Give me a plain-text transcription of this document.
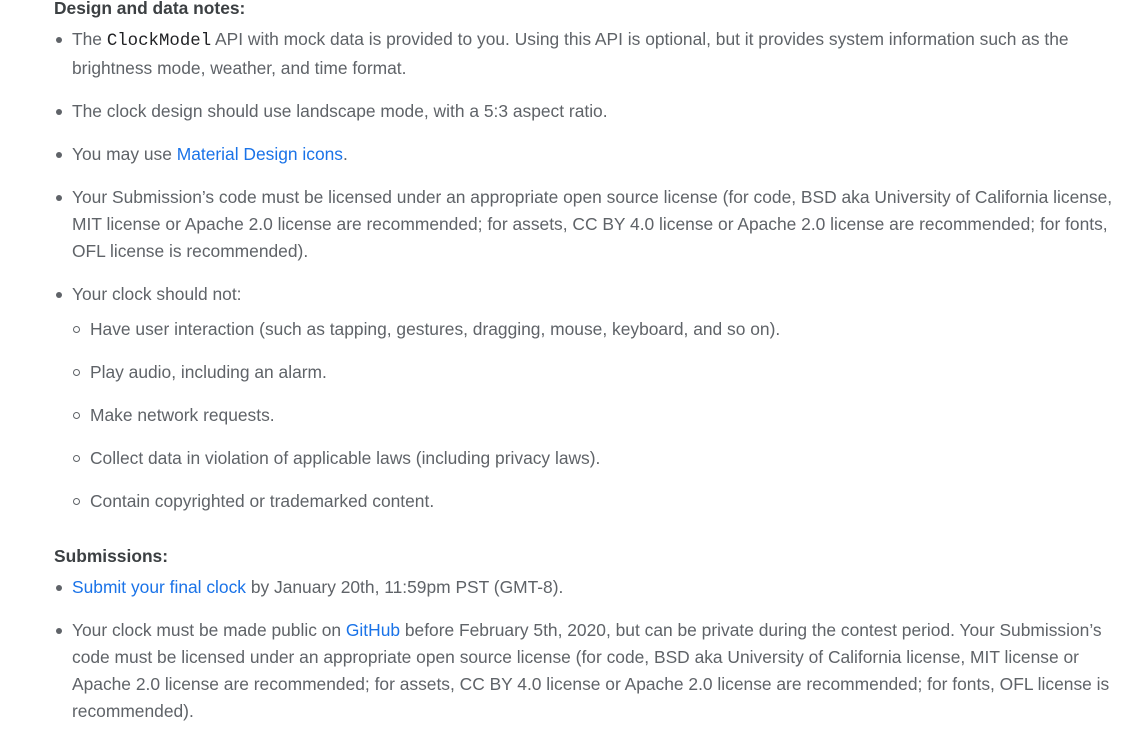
Design and data notes:
The ClockModel API with mock data is provided to you. Using this API is optional, but it provides system information such as the brightness mode, weather, and time format.
The clock design should use landscape mode, with a 5:3 aspect ratio.
You may use Material Design icons.
Your Submission’s code must be licensed under an appropriate open source license (for code, BSD aka University of California license, MIT license or Apache 2.0 license are recommended; for assets, CC BY 4.0 license or Apache 2.0 license are recommended; for fonts, OFL license is recommended).
Your clock should not:
Have user interaction (such as tapping, gestures, dragging, mouse, keyboard, and so on).
Play audio, including an alarm.
Make network requests.
Collect data in violation of applicable laws (including privacy laws).
Contain copyrighted or trademarked content.
Submissions:
Submit your final clock by January 20th, 11:59pm PST (GMT-8).
Your clock must be made public on GitHub before February 5th, 2020, but can be private during the contest period. Your Submission’s code must be licensed under an appropriate open source license (for code, BSD aka University of California license, MIT license or Apache 2.0 license are recommended; for assets, CC BY 4.0 license or Apache 2.0 license are recommended; for fonts, OFL license is recommended).
